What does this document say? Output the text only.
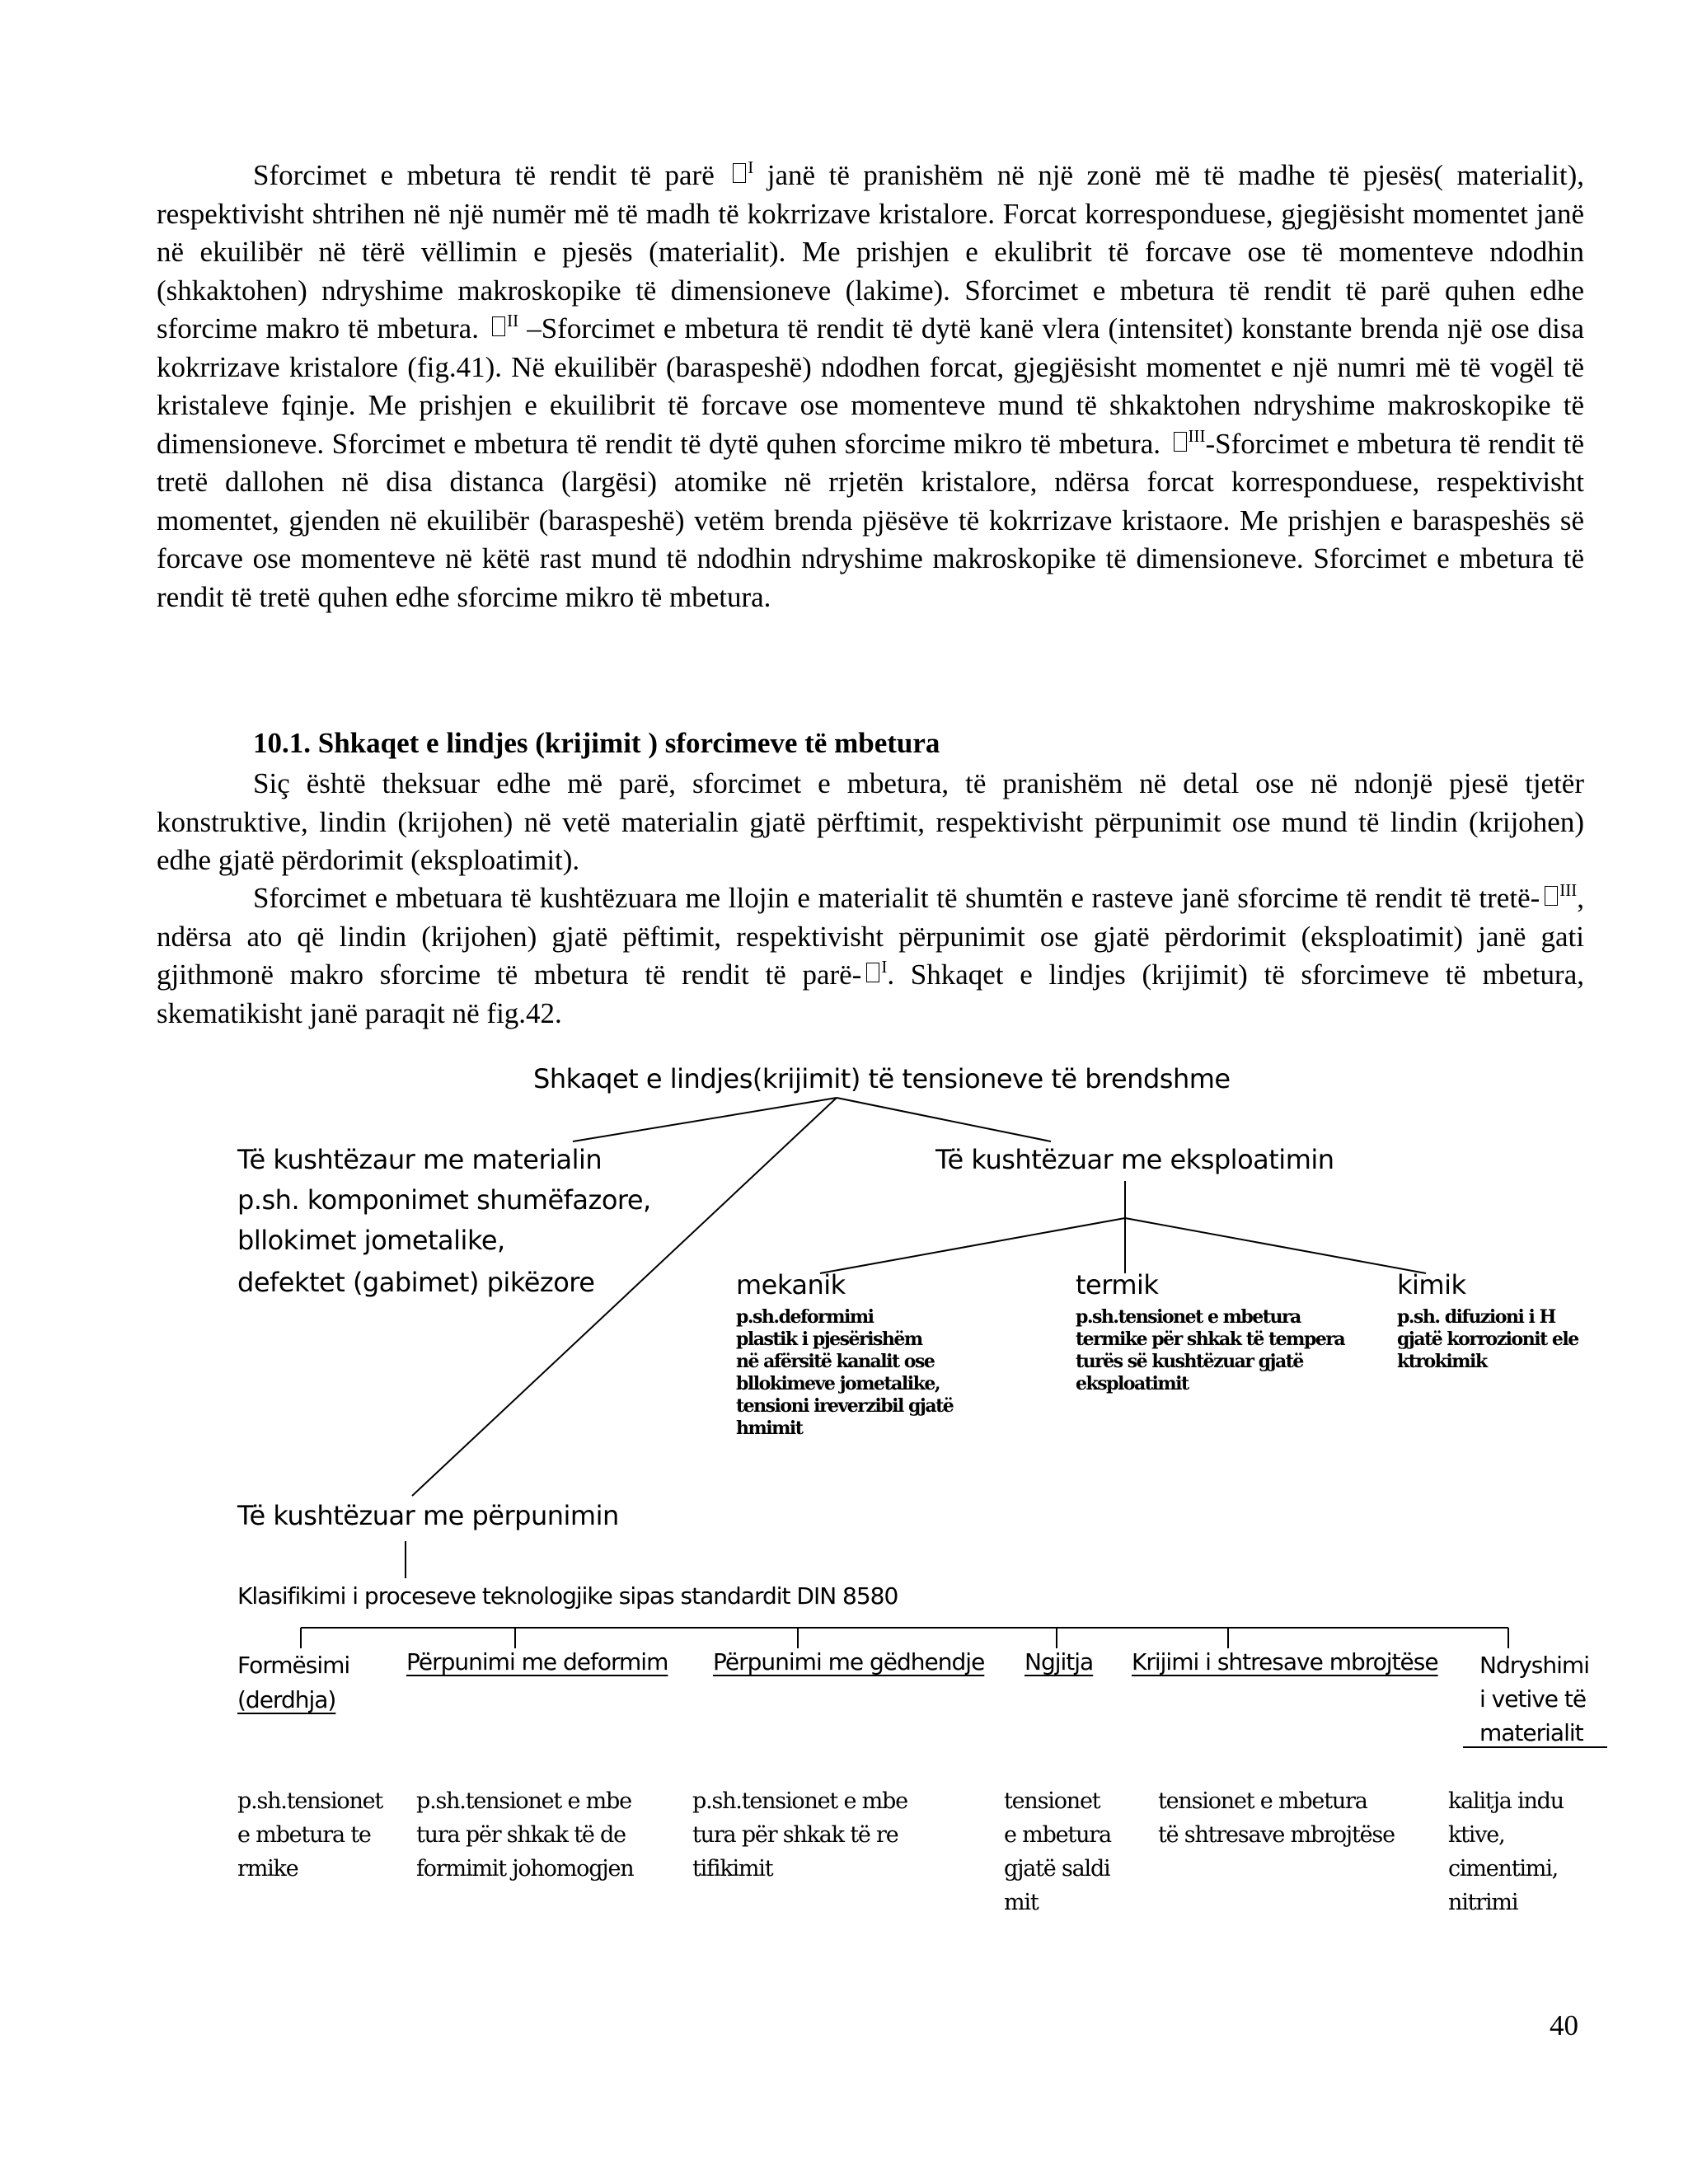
Sforcimet e mbetura të rendit të parë $^I$ janë të pranishëm në një zonë më të madhe të pjesës( materialit), respektivisht shtrihen në një numër më të madh të kokrrizave kristalore. Forcat korresponduese, gjegjësisht momentet janë në ekuilibër në tërë vëllimin e pjesës (materialit). Me prishjen e ekulibrit të forcave ose të momenteve ndodhin (shkaktohen) ndryshime makroskopike të dimensioneve (lakime). Sforcimet e mbetura të rendit të parë quhen edhe sforcime makro të mbetura. $^{II}$ –Sforcimet e mbetura të rendit të dytë kanë vlera (intensitet) konstante brenda një ose disa kokrrizave kristalore (fig.41). Në ekuilibër (baraspeshë) ndodhen forcat, gjegjësisht momentet e një numri më të vogël të kristaleve fqinje. Me prishjen e ekuilibrit të forcave ose momenteve mund të shkaktohen ndryshime makroskopike të dimensioneve. Sforcimet e mbetura të rendit të dytë quhen sforcime mikro të mbetura. $^{III}$-Sforcimet e mbetura të rendit të tretë dallohen në disa distanca (largësi) atomike në rrjetën kristalore, ndërsa forcat korresponduese, respektivisht momentet, gjenden në ekuilibër (baraspeshë) vetëm brenda pjësëve të kokrrizave kristaore. Me prishjen e baraspeshës së forcave ose momenteve në këtë rast mund të ndodhin ndryshime makroskopike të dimensioneve. Sforcimet e mbetura të rendit të tretë quhen edhe sforcime mikro të mbetura.

10.1. Shkaqet e lindjes (krijimit ) sforcimeve të mbetura

Siç është theksuar edhe më parë, sforcimet e mbetura, të pranishëm në detal ose në ndonjë pjesë tjetër konstruktive, lindin (krijohen) në vetë materialin gjatë përftimit, respektivisht përpunimit ose mund të lindin (krijohen) edhe gjatë përdorimit (eksploatimit).

Sforcimet e mbetuara të kushtëzuara me llojin e materialit të shumtën e rasteve janë sforcime të rendit të tretë- $^{III}$, ndërsa ato që lindin (krijohen) gjatë pëftimit, respektivisht përpunimit ose gjatë përdorimit (eksploatimit) janë gati gjithmonë makro sforcime të mbetura të rendit të parë- $^I$. Shkaqet e lindjes (krijimit) të sforcimeve të mbetura, skematikisht janë paraqit në fig.42.

Shkaqet e lindjes(krijimit) të tensioneve të brendshme
Të kushtëzaur me materialin
p.sh. komponimet shumëfazore,
bllokimet jometalike,
defektet (gabimet) pikëzore
Të kushtëzuar me eksploatimin
mekanik
p.sh.deformimi
plastik i pjesërishëm
në afërsitë kanalit ose
bllokimeve jometalike,
tensioni ireverzibil gjatë
hmimit
termik
p.sh.tensionet e mbetura
termike për shkak të tempera
turës së kushtëzuar gjatë
eksploatimit
kimik
p.sh. difuzioni i H
gjatë korrozionit ele
ktrokimik
Të kushtëzuar me përpunimin
Klasifikimi i proceseve teknologjike sipas standardit DIN 8580
Formësimi
(derdhja)
Përpunimi me deformim Përpunimi me gëdhendje Ngjitja Krijimi i shtresave mbrojtëse Ndryshimi
i vetive të
materialit
p.sh.tensionet
e mbetura te
rmike
p.sh.tensionet e mbe
tura për shkak të de
formimit johomogjen
p.sh.tensionet e mbe
tura për shkak të re
tifikimit
tensionet
e mbetura
gjatë saldi
mit
tensionet e mbetura
të shtresave mbrojtëse
kalitja indu
ktive,
cimentimi,
nitrimi
40
